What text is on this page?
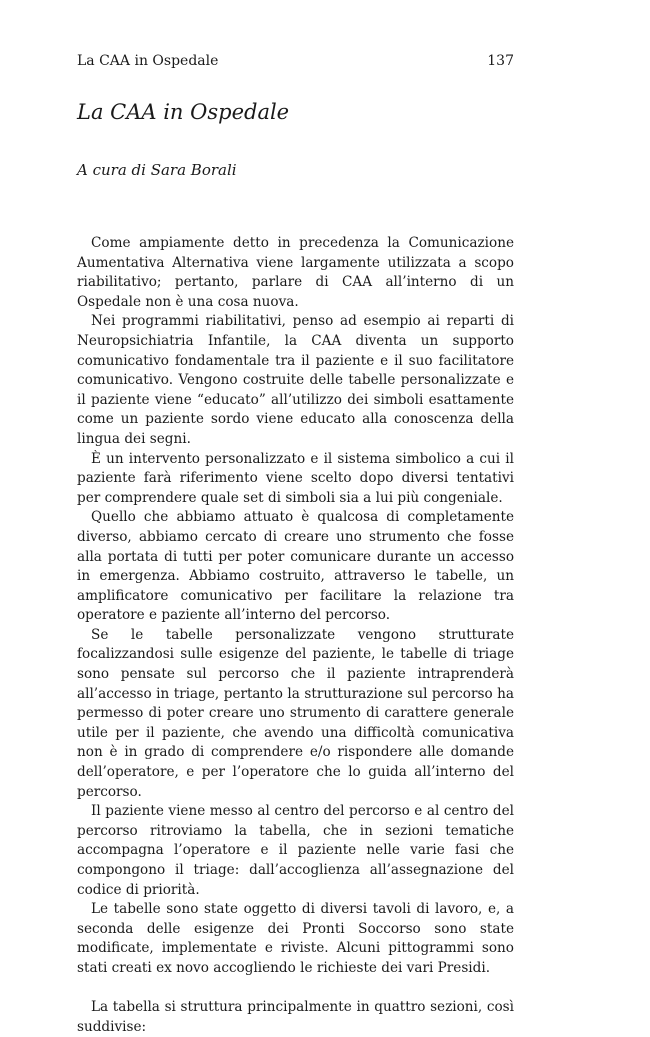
La CAA in Ospedale	137
La CAA in Ospedale

A cura di Sara Borali

Come ampiamente detto in precedenza la Comunicazione Aumentativa Alternativa viene largamente utilizzata a scopo riabilitativo; pertanto, parlare di CAA all’interno di un Ospedale non è una cosa nuova.

Nei programmi riabilitativi, penso ad esempio ai reparti di Neuropsichiatria Infantile, la CAA diventa un supporto comunicativo fondamentale tra il paziente e il suo facilitatore comunicativo. Vengono costruite delle tabelle personalizzate e il paziente viene “educato” all’utilizzo dei simboli esattamente come un paziente sordo viene educato alla conoscenza della lingua dei segni.

È un intervento personalizzato e il sistema simbolico a cui il paziente farà riferimento viene scelto dopo diversi tentativi per comprendere quale set di simboli sia a lui più congeniale.

Quello che abbiamo attuato è qualcosa di completamente diverso, abbiamo cercato di creare uno strumento che fosse alla portata di tutti per poter comunicare durante un accesso in emergenza. Abbiamo costruito, attraverso le tabelle, un amplificatore comunicativo per facilitare la relazione tra operatore e paziente all’interno del percorso.

Se le tabelle personalizzate vengono strutturate focalizzandosi sulle esigenze del paziente, le tabelle di triage sono pensate sul percorso che il paziente intraprenderà all’accesso in triage, pertanto la strutturazione sul percorso ha permesso di poter creare uno strumento di carattere generale utile per il paziente, che avendo una difficoltà comunicativa non è in grado di comprendere e/o rispondere alle domande dell’operatore, e per l’operatore che lo guida all’interno del percorso.

Il paziente viene messo al centro del percorso e al centro del percorso ritroviamo la tabella, che in sezioni tematiche accompagna l’operatore e il paziente nelle varie fasi che compongono il triage: dall’accoglienza all’assegnazione del codice di priorità.

Le tabelle sono state oggetto di diversi tavoli di lavoro, e, a seconda delle esigenze dei Pronti Soccorso sono state modificate, implementate e riviste. Alcuni pittogrammi sono stati creati ex novo accogliendo le richieste dei vari Presidi.

La tabella si struttura principalmente in quattro sezioni, così suddivise:
